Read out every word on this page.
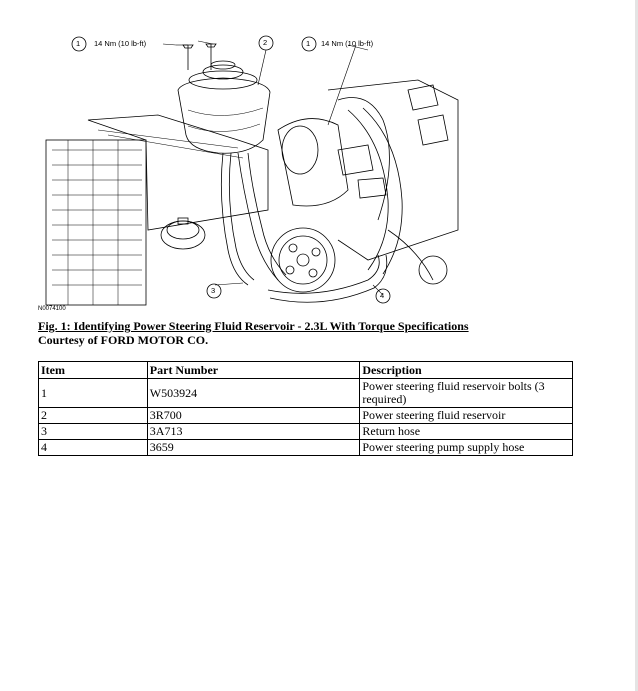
1 14 Nm (10 lb-ft)	2	1 14 Nm (10 lb-ft)
3
4
N0074100
Fig. 1: Identifying Power Steering Fluid Reservoir - 2.3L With Torque Specifications
Courtesy of FORD MOTOR CO.
Item	Part Number	Description
1	W503924	Power steering fluid reservoir bolts (3 required)
2	3R700	Power steering fluid reservoir
3	3A713	Return hose
4	3659	Power steering pump supply hose
